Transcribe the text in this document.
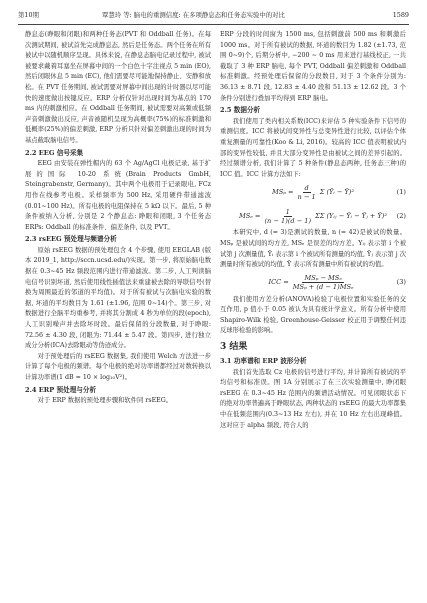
第10期	覃慧玲 等: 脑电的重测信度: 在多项静息态和任务态实验中的对比	1589

静息态(睁眼和闭眼)和两种任务态(PVT 和 Oddball 任务)。在每次测试期间, 被试首先完成静息态, 然后是任务态。两个任务在所有被试中以随机顺序呈现。具体来说, 在静息态脑电记录过程中, 被试被要求戴着耳塞坐在屏幕中间的一个白色十字注视点 5 min (EO), 然后闭眼休息 5 min (EC), 他们需要尽可能地保持静止、安静和放松。在 PVT 任务期间, 被试需要对屏幕中间出现的计时器以尽可能快的速度做出按键反应。ERP 分析仅针对出现时间为基点的 170 ms 内的刺激相应。在 Oddball 任务期间, 被试需要对高频或低频声音刺激做出反应, 声音被随机呈现为高概率(75%)的标准刺激和低概率(25%)的偏差刺激, ERP 分析只针对偏差刺激出现的时间为基点截取脑电信号。

2.2 EEG 信号采集

EEG 由安装在弹性帽内的 63 个 Ag/AgCl 电极记录, 基于扩展的国际 10-20 系统(Brain Products GmbH, Steingrabenstr, Germany)。其中两个电极用于记录眼电, FCz 用作在线参考电极。采样频率为 500 Hz, 采用硬件带通滤波(0.01~100 Hz)。所有电极的电阻保持在 5 kΩ 以下。最后, 5 种条件被纳入分析, 分别是 2 个静息态: 睁眼和闭眼, 3 个任务态 ERPs: Oddball 的标准条件、偏差条件, 以及 PVT。

2.3 rsEEG 预处理与频谱分析

原始 rsEEG 数据的预处理包含 4 个步骤, 使用 EEGLAB (版本 2019_1, http://sccn.ucsd.edu/)实现。第一步, 将原始脑电数据在 0.3~45 Hz 频段范围内进行带通滤波。第二步, 人工判读脑电信号识别坏道, 然后使用线性插值法来重建被去除的导联信号(替换为周围最近的邻道的平均值)。对于所有被试与次脑电实验的数据, 坏道的平均数目为 1.61 (±1.96, 范围 0~14)个。第三步, 对数据进行全脑平均重参考, 并将其分割成 4 秒为单位的段(epoch), 人工识别噪声并去除坏时段。最后保留的分段数量, 对于睁眼: 72.56 ± 4.30 段, 闭眼为: 71.44 ± 5.47 段。第四步, 进行独立成分分析(ICA)去除眼动等伪迹成分。

对于预处理后的 rsEEG 数据集, 我们使用 Welch 方法进一步计算了每个电极的频谱。每个电极的绝对功率谱都经过对数转换以计算功率谱(1 dB = 10 × log₁₀V²)。

2.4 ERP 预处理与分析

对于 ERP 数据的预处理步骤和软件同 rsEEG。

ERP 分段的时间窗为 1500 ms, 包括刺激前 500 ms 和刺激后 1000 ms。对于所有被试的数据, 坏道的数目为 1.82 (±1.73, 范围 0~9)个, 后期分析中, −200 ~ 0 ms 用来进行基线校正, 一共截取了 3 种 ERP 脑电, 每个 PVT, Oddball 偏差刺激和 Oddball 标准刺激。经预处理后保留的分段数目, 对于 3 个条件分别为: 36.13 ± 8.71 段, 12.83 ± 4.40 段和 51.13 ± 12.62 段。3 个条件分别进行叠加平均得到 ERP 脑电。

2.5 数据分析

我们使用了类内相关系数(ICC)来评估 5 种实验条件下信号的重测信度。ICC 将被试间变异性与总变异性进行比较, 以评估个体重复测量的可靠性(Koo & Li, 2016)。较高的 ICC 值表明被试内部的变异性较低, 并且大部分变异性是由被试之间的差异引起的。经过频谱分析, 我们计算了 5 种条件(静息态两种, 任务态三种)的 ICC 值。ICC 计算方法如下:

$MS_p = \frac{d}{n - 1}$ Σ (Ȳᵢ − Ȳ)²	(1)
$MS_e = \frac{1}{(n - 1)(d - 1)}$ ΣΣ (Yᵢⱼ − Ȳᵢ − Ȳⱼ + Ȳ)² (2)

本研究中, d (= 3)是测试的数量, n (= 42)是被试的数量。MSₚ 是被试间的均方差, MSₑ 是误差的均方差。Yᵢⱼ 表示第 i 个被试第 j 次测量值, Ȳᵢ 表示第 i 个被试所有测量的均值, Ȳⱼ 表示第 j 次测量时所有被试的均值, Ȳ 表示所有测量中所有被试的均值。

ICC = $\frac{\text{MSₚ − MSₑ}}{\text{MSₚ + (d − 1)MSₑ}}$	(3)

我们使用方差分析(ANOVA)检验了电极位置和实验任务的交互作用, p 值小于 0.05 被认为具有统计学意义。所有分析中使用 Shapiro-Wilk 检验, Greenhouse-Geisser 校正用于调整任何违反球形检验的影响。

3 结果
3.1 功率谱和 ERP 波形分析

我们首先选取 Cz 电极的信号进行平均, 并计算所有被试的平均信号和标准误。图 1A 分别展示了在三次实验测量中, 睁闭眼 rsEEG 在 0.3~45 Hz 范围内的频谱活动情况。可见闭眼状态下的绝对功率普遍高于睁眼状态, 两种状态的 rsEEG 的最大功率都集中在低频范围内(0.3~13 Hz 左右), 并在 10 Hz 左右出现峰值。这对应于 alpha 频段, 符合人的
